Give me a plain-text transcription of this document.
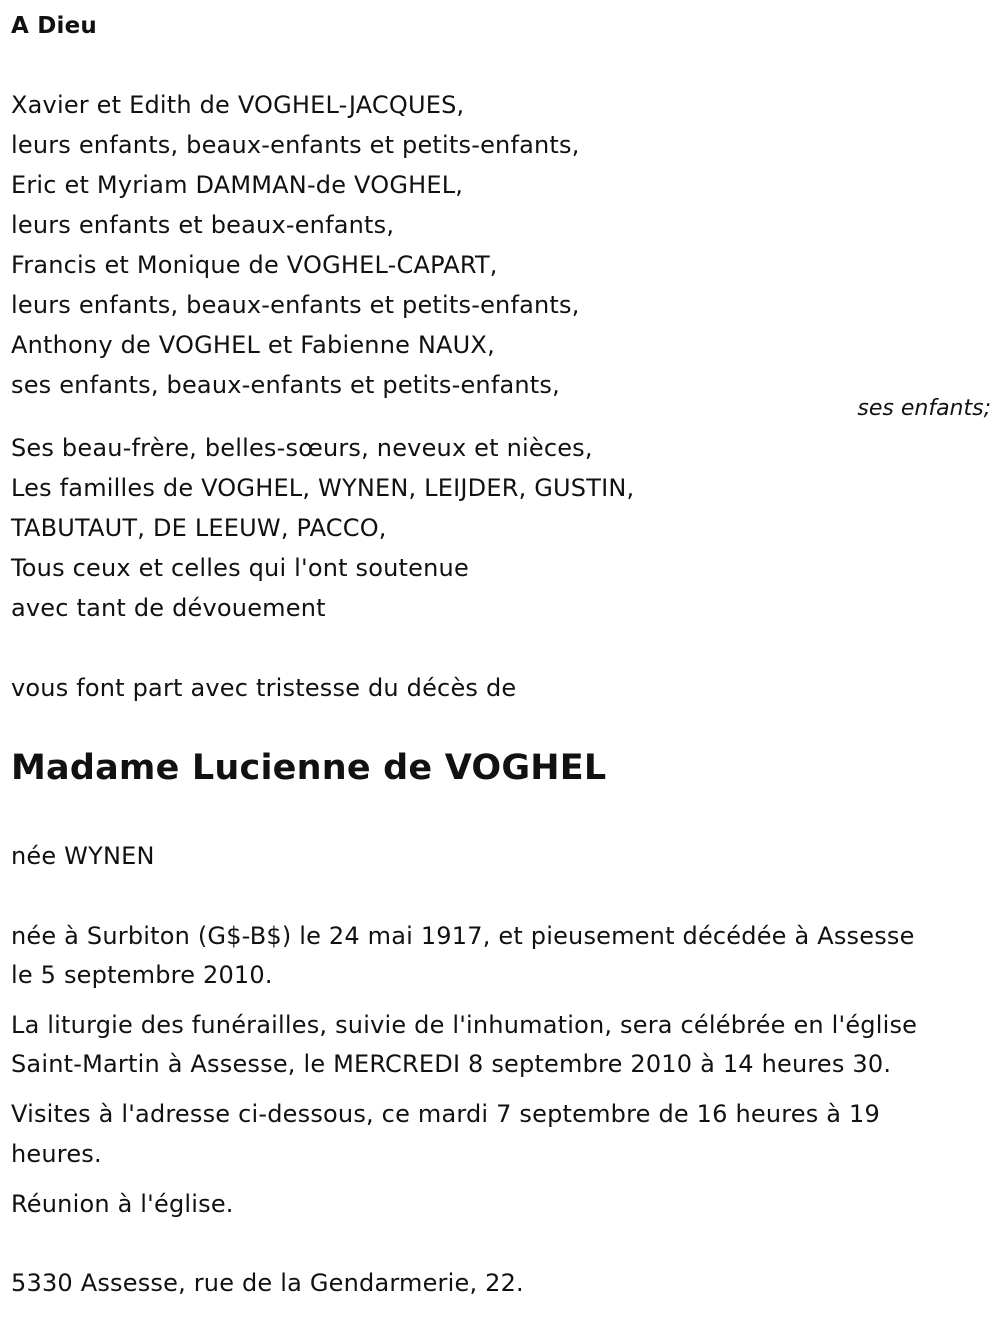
A Dieu
Xavier et Edith de VOGHEL-JACQUES,
leurs enfants, beaux-enfants et petits-enfants,
Eric et Myriam DAMMAN-de VOGHEL,
leurs enfants et beaux-enfants,
Francis et Monique de VOGHEL-CAPART,
leurs enfants, beaux-enfants et petits-enfants,
Anthony de VOGHEL et Fabienne NAUX,
ses enfants, beaux-enfants et petits-enfants,
Ses beau-frère, belles-sœurs, neveux et nièces,
Les familles de VOGHEL, WYNEN, LEIJDER, GUSTIN,
TABUTAUT, DE LEEUW, PACCO,
Tous ceux et celles qui l'ont soutenue
avec tant de dévouement
vous font part avec tristesse du décès de
Madame Lucienne de VOGHEL
née WYNEN
née à Surbiton (G$-B$) le 24 mai 1917, et pieusement décédée à Assesse
le 5 septembre 2010.
La liturgie des funérailles, suivie de l'inhumation, sera célébrée en l'église
Saint-Martin à Assesse, le MERCREDI 8 septembre 2010 à 14 heures 30.
Visites à l'adresse ci-dessous, ce mardi 7 septembre de 16 heures à 19
heures.
Réunion à l'église.
5330 Assesse, rue de la Gendarmerie, 22.
ses enfants;
